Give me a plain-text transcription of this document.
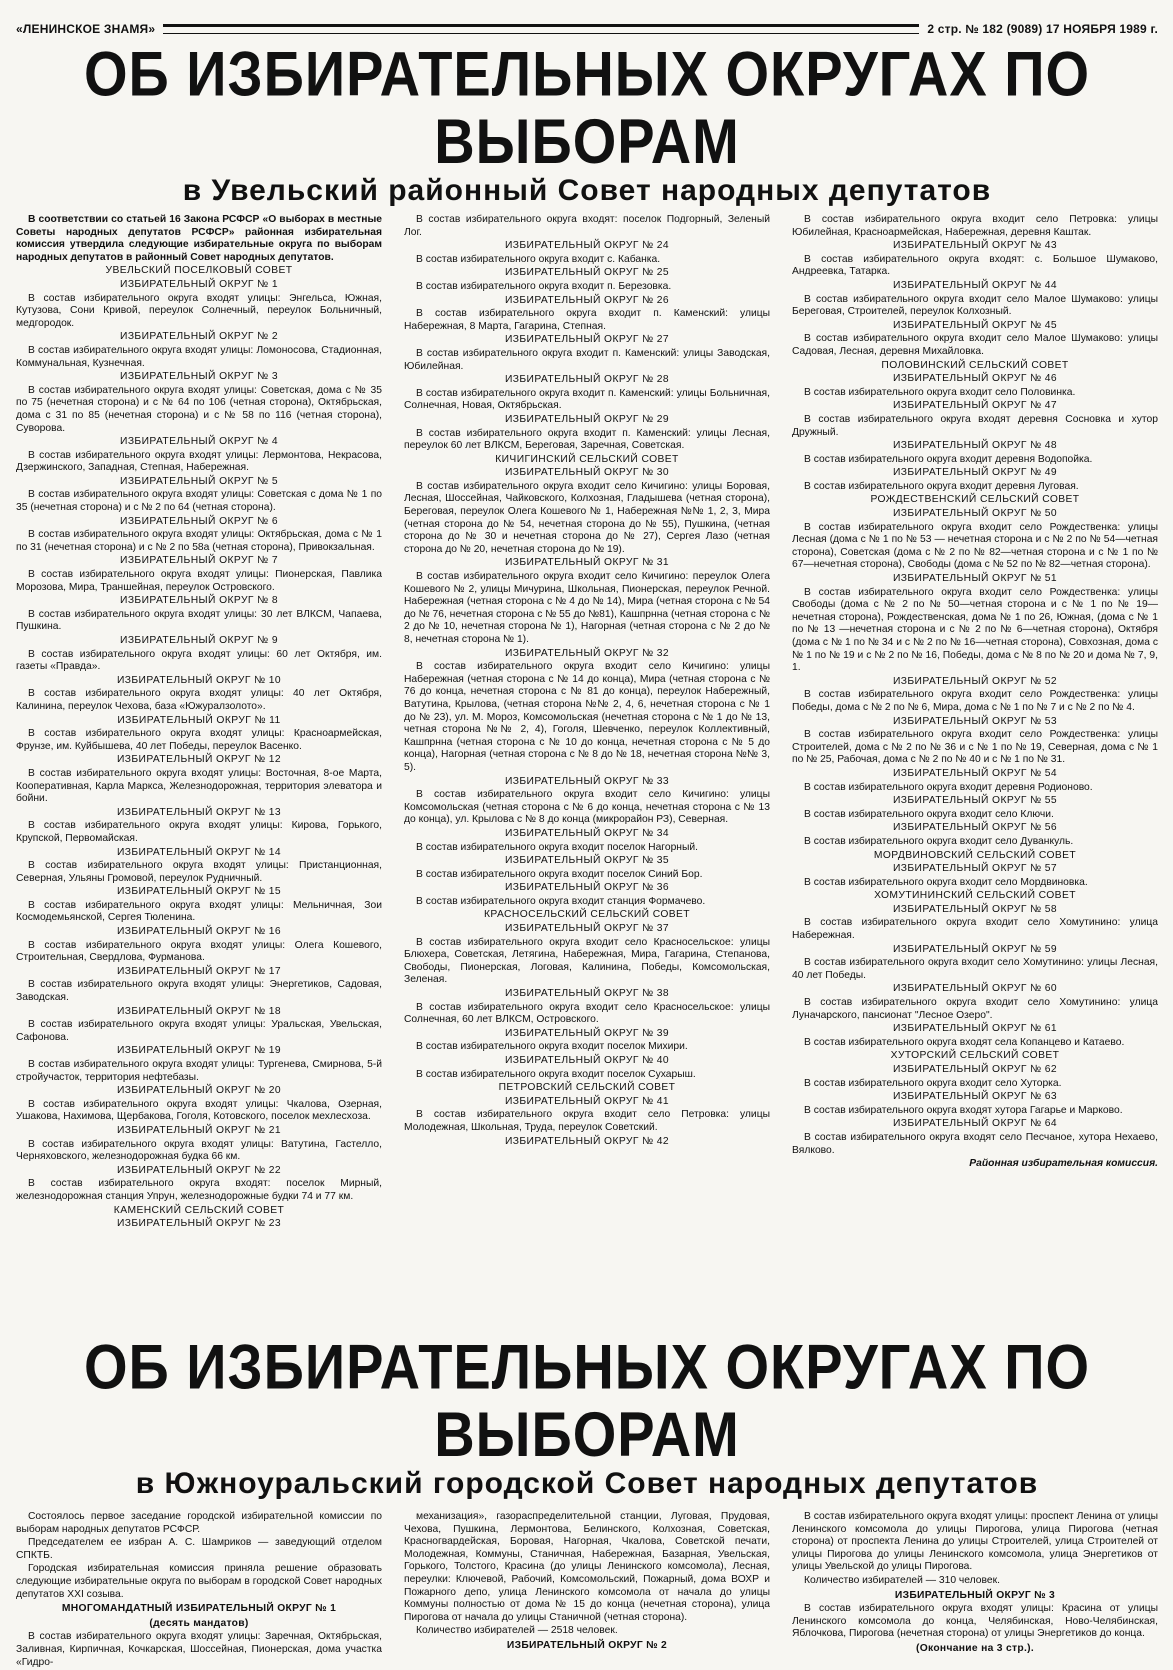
«ЛЕНИНСКОЕ ЗНАМЯ»	2 стр. № 182 (9089) 17 НОЯБРЯ 1989 г.
ОБ ИЗБИРАТЕЛЬНЫХ ОКРУГАХ ПО ВЫБОРАМ
в Увельский районный Совет народных депутатов

В соответствии со статьей 16 Закона РСФСР «О выборах в местные Советы народных депутатов РСФСР» районная избирательная комиссия утвердила следующие избирательные округа по выборам народных депутатов в районный Совет народных депутатов.

УВЕЛЬСКИЙ ПОСЕЛКОВЫЙ СОВЕТ

ИЗБИРАТЕЛЬНЫЙ ОКРУГ № 1

В состав избирательного округа входят улицы: Энгельса, Южная, Кутузова, Сони Кривой, переулок Солнечный, переулок Больничный, медгородок.

ИЗБИРАТЕЛЬНЫЙ ОКРУГ № 2

В состав избирательного округа входят улицы: Ломоносова, Стадионная, Коммунальная, Кузнечная.

ИЗБИРАТЕЛЬНЫЙ ОКРУГ № 3

В состав избирательного округа входят улицы: Советская, дома с № 35 по 75 (нечетная сторона) и с № 64 по 106 (четная сторона), Октябрьская, дома с 31 по 85 (нечетная сторона) и с № 58 по 116 (четная сторона), Суворова.

ИЗБИРАТЕЛЬНЫЙ ОКРУГ № 4

В состав избирательного округа входят улицы: Лермонтова, Некрасова, Дзержинского, Западная, Степная, Набережная.

ИЗБИРАТЕЛЬНЫЙ ОКРУГ № 5

В состав избирательного округа входят улицы: Советская с дома № 1 по 35 (нечетная сторона) и с № 2 по 64 (четная сторона).

ИЗБИРАТЕЛЬНЫЙ ОКРУГ № 6

В состав избирательного округа входят улицы: Октябрьская, дома с № 1 по 31 (нечетная сторона) и с № 2 по 58а (четная сторона), Привокзальная.

ИЗБИРАТЕЛЬНЫЙ ОКРУГ № 7

В состав избирательного округа входят улицы: Пионерская, Павлика Морозова, Мира, Траншейная, переулок Островского.

ИЗБИРАТЕЛЬНЫЙ ОКРУГ № 8

В состав избирательного округа входят улицы: 30 лет ВЛКСМ, Чапаева, Пушкина.

ИЗБИРАТЕЛЬНЫЙ ОКРУГ № 9

В состав избирательного округа входят улицы: 60 лет Октября, им. газеты «Правда».

ИЗБИРАТЕЛЬНЫЙ ОКРУГ № 10

В состав избирательного округа входят улицы: 40 лет Октября, Калинина, переулок Чехова, база «Южуралзолото».

ИЗБИРАТЕЛЬНЫЙ ОКРУГ № 11

В состав избирательного округа входят улицы: Красноармейская, Фрунзе, им. Куйбышева, 40 лет Победы, переулок Васенко.

ИЗБИРАТЕЛЬНЫЙ ОКРУГ № 12

В состав избирательного округа входят улицы: Восточная, 8-ое Марта, Кооперативная, Карла Маркса, Железнодорожная, территория элеватора и бойни.

ИЗБИРАТЕЛЬНЫЙ ОКРУГ № 13

В состав избирательного округа входят улицы: Кирова, Горького, Крупской, Первомайская.

ИЗБИРАТЕЛЬНЫЙ ОКРУГ № 14

В состав избирательного округа входят улицы: Пристанционная, Северная, Ульяны Громовой, переулок Рудничный.

ИЗБИРАТЕЛЬНЫЙ ОКРУГ № 15

В состав избирательного округа входят улицы: Мельничная, Зои Космодемьянской, Сергея Тюленина.

ИЗБИРАТЕЛЬНЫЙ ОКРУГ № 16

В состав избирательного округа входят улицы: Олега Кошевого, Строительная, Свердлова, Фурманова.

ИЗБИРАТЕЛЬНЫЙ ОКРУГ № 17

В состав избирательного округа входят улицы: Энергетиков, Садовая, Заводская.

ИЗБИРАТЕЛЬНЫЙ ОКРУГ № 18

В состав избирательного округа входят улицы: Уральская, Увельская, Сафонова.

ИЗБИРАТЕЛЬНЫЙ ОКРУГ № 19

В состав избирательного округа входят улицы: Тургенева, Смирнова, 5-й стройучасток, территория нефтебазы.

ИЗБИРАТЕЛЬНЫЙ ОКРУГ № 20

В состав избирательного округа входят улицы: Чкалова, Озерная, Ушакова, Нахимова, Щербакова, Гоголя, Котовского, поселок мехлесхоза.

ИЗБИРАТЕЛЬНЫЙ ОКРУГ № 21

В состав избирательного округа входят улицы: Ватутина, Гастелло, Черняховского, железнодорожная будка 66 км.

ИЗБИРАТЕЛЬНЫЙ ОКРУГ № 22

В состав избирательного округа входят: поселок Мирный, железнодорожная станция Упрун, железнодорожные будки 74 и 77 км.

КАМЕНСКИЙ СЕЛЬСКИЙ СОВЕТ

ИЗБИРАТЕЛЬНЫЙ ОКРУГ № 23

В состав избирательного округа входят: поселок Подгорный, Зеленый Лог.

ИЗБИРАТЕЛЬНЫЙ ОКРУГ № 24

В состав избирательного округа входит с. Кабанка.

ИЗБИРАТЕЛЬНЫЙ ОКРУГ № 25

В состав избирательного округа входит п. Березовка.

ИЗБИРАТЕЛЬНЫЙ ОКРУГ № 26

В состав избирательного округа входит п. Каменский: улицы Набережная, 8 Марта, Гагарина, Степная.

ИЗБИРАТЕЛЬНЫЙ ОКРУГ № 27

В состав избирательного округа входит п. Каменский: улицы Заводская, Юбилейная.

ИЗБИРАТЕЛЬНЫЙ ОКРУГ № 28

В состав избирательного округа входит п. Каменский: улицы Больничная, Солнечная, Новая, Октябрьская.

ИЗБИРАТЕЛЬНЫЙ ОКРУГ № 29

В состав избирательного округа входит п. Каменский: улицы Лесная, переулок 60 лет ВЛКСМ, Береговая, Заречная, Советская.

КИЧИГИНСКИЙ СЕЛЬСКИЙ СОВЕТ

ИЗБИРАТЕЛЬНЫЙ ОКРУГ № 30

В состав избирательного округа входит село Кичигино: улицы Боровая, Лесная, Шоссейная, Чайковского, Колхозная, Гладышева (четная сторона), Береговая, переулок Олега Кошевого № 1, Набережная №№ 1, 2, 3, Мира (четная сторона до № 54, нечетная сторона до № 55), Пушкина, (четная сторона до № 30 и нечетная сторона до № 27), Сергея Лазо (четная сторона до № 20, нечетная сторона до № 19).

ИЗБИРАТЕЛЬНЫЙ ОКРУГ № 31

В состав избирательного округа входит село Кичигино: переулок Олега Кошевого № 2, улицы Мичурина, Школьная, Пионерская, переулок Речной. Набережная (четная сторона с № 4 до № 14), Мира (четная сторона с № 54 до № 76, нечетная сторона с № 55 до №81), Кашпрнна (четная сторона с № 2 до № 10, нечетная сторона № 1), Нагорная (четная сторона с № 2 до № 8, нечетная сторона № 1).

ИЗБИРАТЕЛЬНЫЙ ОКРУГ № 32

В состав избирательного округа входит село Кичигино: улицы Набережная (четная сторона с № 14 до конца), Мира (четная сторона с № 76 до конца, нечетная сторона с № 81 до конца), переулок Набережный, Ватутина, Крылова, (четная сторона №№ 2, 4, 6, нечетная сторона с № 1 до № 23), ул. М. Мороз, Комсомольская (нечетная сторона с № 1 до № 13, четная сторона №№ 2, 4), Гоголя, Шевченко, переулок Коллективный, Кашпрнна (четная сторона с № 10 до конца, нечетная сторона с № 5 до конца), Нагорная (четная сторона с № 8 до № 18, нечетная сторона №№ 3, 5).

ИЗБИРАТЕЛЬНЫЙ ОКРУГ № 33

В состав избирательного округа входит село Кичигино: улицы Комсомольская (четная сторона с № 6 до конца, нечетная сторона с № 13 до конца), ул. Крылова с № 8 до конца (микрорайон РЗ), Северная.

ИЗБИРАТЕЛЬНЫЙ ОКРУГ № 34

В состав избирательного округа входит поселок Нагорный.

ИЗБИРАТЕЛЬНЫЙ ОКРУГ № 35

В состав избирательного округа входит поселок Синий Бор.

ИЗБИРАТЕЛЬНЫЙ ОКРУГ № 36

В состав избирательного округа входит станция Формачево.

КРАСНОСЕЛЬСКИЙ СЕЛЬСКИЙ СОВЕТ

ИЗБИРАТЕЛЬНЫЙ ОКРУГ № 37

В состав избирательного округа входит село Красносельское: улицы Блюхера, Советская, Летягина, Набережная, Мира, Гагарина, Степанова, Свободы, Пионерская, Логовая, Калинина, Победы, Комсомольская, Зеленая.

ИЗБИРАТЕЛЬНЫЙ ОКРУГ № 38

В состав избирательного округа входит село Красносельское: улицы Солнечная, 60 лет ВЛКСМ, Островского.

ИЗБИРАТЕЛЬНЫЙ ОКРУГ № 39

В состав избирательного округа входит поселок Михири.

ИЗБИРАТЕЛЬНЫЙ ОКРУГ № 40

В состав избирательного округа входит поселок Сухарыш.

ПЕТРОВСКИЙ СЕЛЬСКИЙ СОВЕТ

ИЗБИРАТЕЛЬНЫЙ ОКРУГ № 41

В состав избирательного округа входит село Петровка: улицы Молодежная, Школьная, Труда, переулок Советский.

ИЗБИРАТЕЛЬНЫЙ ОКРУГ № 42

В состав избирательного округа входит село Петровка: улицы Юбилейная, Красноармейская, Набережная, деревня Каштак.

ИЗБИРАТЕЛЬНЫЙ ОКРУГ № 43

В состав избирательного округа входят: с. Большое Шумаково, Андреевка, Татарка.

ИЗБИРАТЕЛЬНЫЙ ОКРУГ № 44

В состав избирательного округа входит село Малое Шумаково: улицы Береговая, Строителей, переулок Колхозный.

ИЗБИРАТЕЛЬНЫЙ ОКРУГ № 45

В состав избирательного округа входит село Малое Шумаково: улицы Садовая, Лесная, деревня Михайловка.

ПОЛОВИНСКИЙ СЕЛЬСКИЙ СОВЕТ

ИЗБИРАТЕЛЬНЫЙ ОКРУГ № 46

В состав избирательного округа входит село Половинка.

ИЗБИРАТЕЛЬНЫЙ ОКРУГ № 47

В состав избирательного округа входят деревня Сосновка и хутор Дружный.

ИЗБИРАТЕЛЬНЫЙ ОКРУГ № 48

В состав избирательного округа входит деревня Водопойка.

ИЗБИРАТЕЛЬНЫЙ ОКРУГ № 49

В состав избирательного округа входит деревня Луговая.

РОЖДЕСТВЕНСКИЙ СЕЛЬСКИЙ СОВЕТ

ИЗБИРАТЕЛЬНЫЙ ОКРУГ № 50

В состав избирательного округа входит село Рождественка: улицы Лесная (дома с № 1 по № 53 — нечетная сторона и с № 2 по № 54—четная сторона), Советская (дома с № 2 по № 82—четная сторона и с № 1 по № 67—нечетная сторона), Свободы (дома с № 52 по № 82—четная сторона).

ИЗБИРАТЕЛЬНЫЙ ОКРУГ № 51

В состав избирательного округа входит село Рождественка: улицы Свободы (дома с № 2 по № 50—четная сторона и с № 1 по № 19— нечетная сторона), Рождественская, дома № 1 по 26, Южная, (дома с № 1 по № 13 —нечетная сторона и с № 2 по № 6—четная сторона), Октября (дома с № 1 по № 34 и с № 2 по № 16—четная сторона), Совхозная, дома с № 1 по № 19 и с № 2 по № 16, Победы, дома с № 8 по № 20 и дома № 7, 9, 1.

ИЗБИРАТЕЛЬНЫЙ ОКРУГ № 52

В состав избирательного округа входит село Рождественка: улицы Победы, дома с № 2 по № 6, Мира, дома с № 1 по № 7 и с № 2 по № 4.

ИЗБИРАТЕЛЬНЫЙ ОКРУГ № 53

В состав избирательного округа входит село Рождественка: улицы Строителей, дома с № 2 по № 36 и с № 1 по № 19, Северная, дома с № 1 по № 25, Рабочая, дома с № 2 по № 40 и с № 1 по № 31.

ИЗБИРАТЕЛЬНЫЙ ОКРУГ № 54

В состав избирательного округа входит деревня Родионово.

ИЗБИРАТЕЛЬНЫЙ ОКРУГ № 55

В состав избирательного округа входит село Ключи.

ИЗБИРАТЕЛЬНЫЙ ОКРУГ № 56

В состав избирательного округа входит село Дуванкуль.

МОРДВИНОВСКИЙ СЕЛЬСКИЙ СОВЕТ

ИЗБИРАТЕЛЬНЫЙ ОКРУГ № 57

В состав избирательного округа входит село Мордвиновка.

ХОМУТИНИНСКИЙ СЕЛЬСКИЙ СОВЕТ

ИЗБИРАТЕЛЬНЫЙ ОКРУГ № 58

В состав избирательного округа входит село Хомутинино: улица Набережная.

ИЗБИРАТЕЛЬНЫЙ ОКРУГ № 59

В состав избирательного округа входит село Хомутинино: улицы Лесная, 40 лет Победы.

ИЗБИРАТЕЛЬНЫЙ ОКРУГ № 60

В состав избирательного округа входит село Хомутинино: улица Луначарского, пансионат "Лесное Озеро".

ИЗБИРАТЕЛЬНЫЙ ОКРУГ № 61

В состав избирательного округа входят села Копанцево и Катаево.

ХУТОРСКИЙ СЕЛЬСКИЙ СОВЕТ

ИЗБИРАТЕЛЬНЫЙ ОКРУГ № 62

В состав избирательного округа входит село Хуторка.

ИЗБИРАТЕЛЬНЫЙ ОКРУГ № 63

В состав избирательного округа входят хутора Гагарье и Марково.

ИЗБИРАТЕЛЬНЫЙ ОКРУГ № 64

В состав избирательного округа входят село Песчаное, хутора Нехаево, Вялково.

Районная избирательная комиссия.

ОБ ИЗБИРАТЕЛЬНЫХ ОКРУГАХ ПО ВЫБОРАМ
в Южноуральский городской Совет народных депутатов

Состоялось первое заседание городской избирательной комиссии по выборам народных депутатов РСФСР.

Председателем ее избран А. С. Шамриков — заведующий отделом СПКТБ.

Городская избирательная комиссия приняла решение образовать следующие избирательные округа по выборам в городской Совет народных депутатов XXI созыва.

МНОГОМАНДАТНЫЙ ИЗБИРАТЕЛЬНЫЙ ОКРУГ № 1

(десять мандатов)

В состав избирательного округа входят улицы: Заречная, Октябрьская, Заливная, Кирпичная, Кочкарская, Шоссейная, Пионерская, дома участка «Гидро-

механизация», газораспределительной станции, Луговая, Прудовая, Чехова, Пушкина, Лермонтова, Белинского, Колхозная, Советская, Красногвардейская, Боровая, Нагорная, Чкалова, Советской печати, Молодежная, Коммуны, Станичная, Набережная, Базарная, Увельская, Горького, Толстого, Красина (до улицы Ленинского комсомола), Лесная, переулки: Ключевой, Рабочий, Комсомольский, Пожарный, дома ВОХР и Пожарного депо, улица Ленинского комсомола от начала до улицы Коммуны полностью от дома № 15 до конца (нечетная сторона), улица Пирогова от начала до улицы Станичной (четная сторона).

Количество избирателей — 2518 человек.

ИЗБИРАТЕЛЬНЫЙ ОКРУГ № 2

В состав избирательного округа входят улицы: проспект Ленина от улицы Ленинского комсомола до улицы Пирогова, улица Пирогова (четная сторона) от проспекта Ленина до улицы Строителей, улица Строителей от улицы Пирогова до улицы Ленинского комсомола, улица Энергетиков от улицы Увельской до улицы Пирогова.

Количество избирателей — 310 человек.

ИЗБИРАТЕЛЬНЫЙ ОКРУГ № 3

В состав избирательного округа входят улицы: Красина от улицы Ленинского комсомола до конца, Челябинская, Ново-Челябинская, Яблочкова, Пирогова (нечетная сторона) от улицы Энергетиков до конца.

(Окончание на 3 стр.).
